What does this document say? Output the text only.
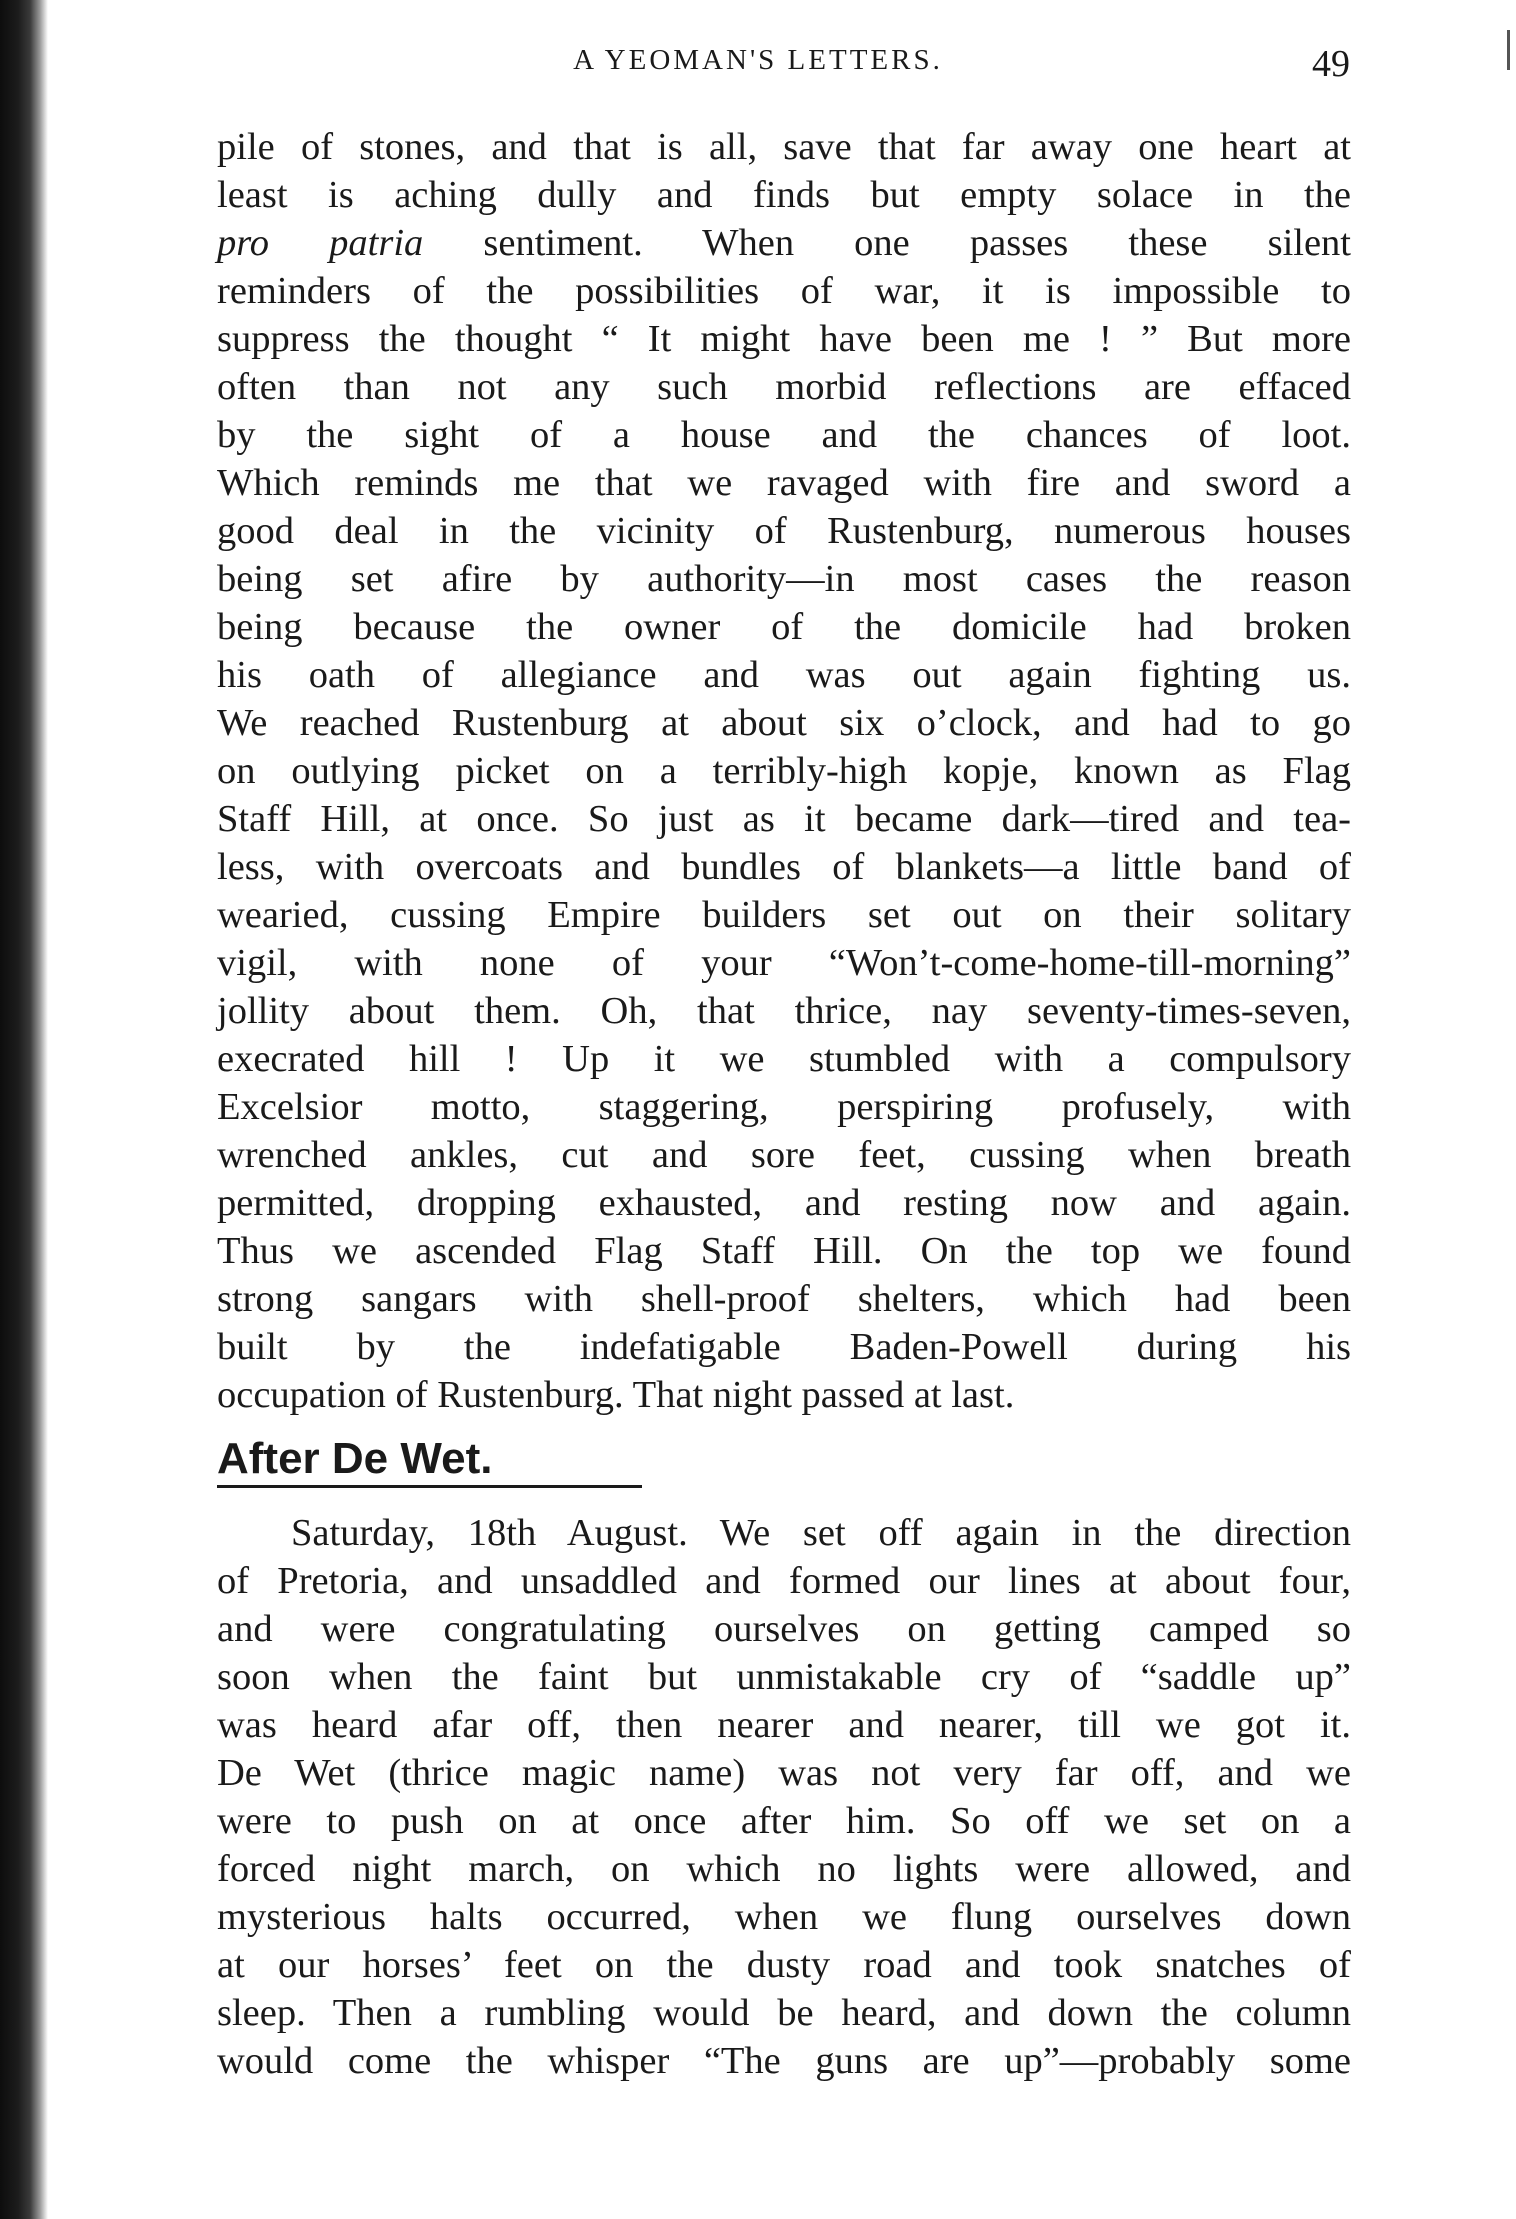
A YEOMAN'S LETTERS.	49
pile of stones, and that is all, save that far away one heart at
least is aching dully and finds but empty solace in the
pro patria sentiment. When one passes these silent
reminders of the possibilities of war, it is impossible to
suppress the thought “ It might have been me ! ” But more
often than not any such morbid reflections are effaced
by the sight of a house and the chances of loot.
Which reminds me that we ravaged with fire and sword a
good deal in the vicinity of Rustenburg, numerous houses
being set afire by authority—in most cases the reason
being because the owner of the domicile had broken
his oath of allegiance and was out again fighting us.
We reached Rustenburg at about six o’clock, and had to go
on outlying picket on a terribly-high kopje, known as Flag
Staff Hill, at once. So just as it became dark—tired and tea-
less, with overcoats and bundles of blankets—a little band of
wearied, cussing Empire builders set out on their solitary
vigil, with none of your “Won’t-come-home-till-morning”
jollity about them. Oh, that thrice, nay seventy-times-seven,
execrated hill ! Up it we stumbled with a compulsory
Excelsior motto, staggering, perspiring profusely, with
wrenched ankles, cut and sore feet, cussing when breath
permitted, dropping exhausted, and resting now and again.
Thus we ascended Flag Staff Hill. On the top we found
strong sangars with shell-proof shelters, which had been
built by the indefatigable Baden-Powell during his
occupation of Rustenburg. That night passed at last.
After De Wet.
Saturday, 18th August. We set off again in the direction
of Pretoria, and unsaddled and formed our lines at about four,
and were congratulating ourselves on getting camped so
soon when the faint but unmistakable cry of “saddle up”
was heard afar off, then nearer and nearer, till we got it.
De Wet (thrice magic name) was not very far off, and we
were to push on at once after him. So off we set on a
forced night march, on which no lights were allowed, and
mysterious halts occurred, when we flung ourselves down
at our horses’ feet on the dusty road and took snatches of
sleep. Then a rumbling would be heard, and down the column
would come the whisper “The guns are up”—probably some
